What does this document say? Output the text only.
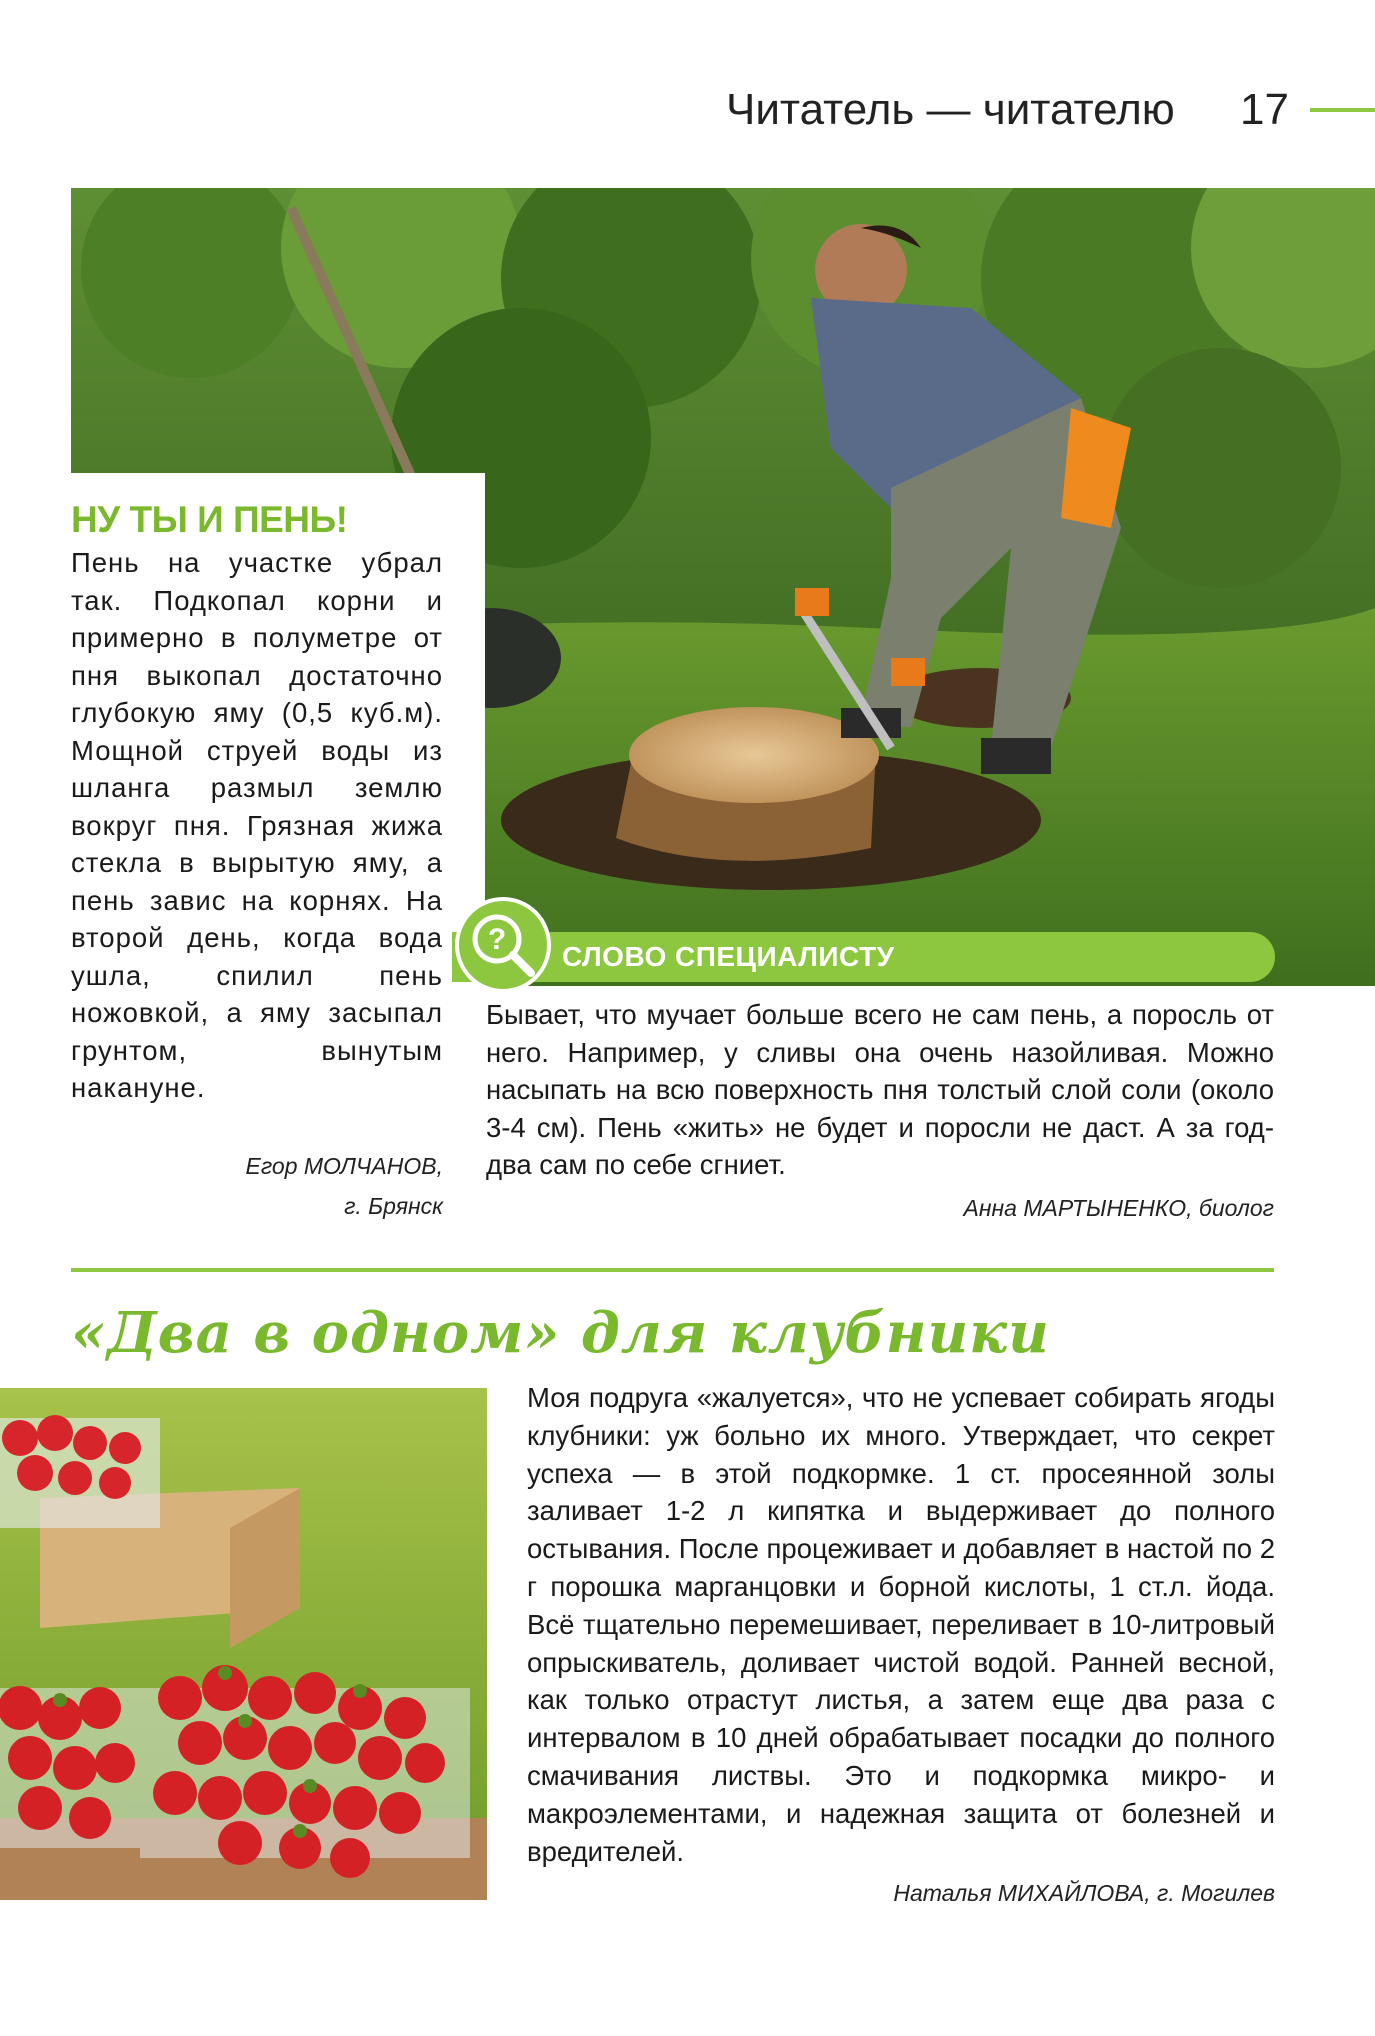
Читатель — читателю	17
НУ ТЫ И ПЕНЬ!

Пень на участке убрал так. Подкопал корни и примерно в полуметре от пня выкопал достаточно глубокую яму (0,5 куб.м). Мощной струей воды из шланга размыл землю вокруг пня. Грязная жижа стекла в вырытую яму, а пень завис на корнях. На второй день, когда вода ушла, спилил пень ножовкой, а яму засыпал грунтом, вынутым накануне.

Егор МОЛЧАНОВ,
г. Брянск
?
СЛОВО СПЕЦИАЛИСТУ
Бывает, что мучает больше всего не сам пень, а поросль от него. Например, у сливы она очень назойливая. Можно насыпать на всю поверхность пня толстый слой соли (около 3-4 см). Пень «жить» не будет и поросли не даст. А за год-два сам по себе сгниет.
Анна МАРТЫНЕНКО, биолог
«Два в одном» для клубники
Моя подруга «жалуется», что не успевает собирать ягоды клубники: уж больно их много. Утверждает, что секрет успеха — в этой подкормке. 1 ст. просеянной золы заливает 1-2 л кипятка и выдерживает до полного остывания. После процеживает и добавляет в настой по 2 г порошка марганцовки и борной кислоты, 1 ст.л. йода. Всё тщательно перемешивает, переливает в 10-литровый опрыскиватель, доливает чистой водой. Ранней весной, как только отрастут листья, а затем еще два раза с интервалом в 10 дней обрабатывает посадки до полного смачивания листвы. Это и подкормка микро- и макроэлементами, и надежная защита от болезней и вредителей.
Наталья МИХАЙЛОВА, г. Могилев
